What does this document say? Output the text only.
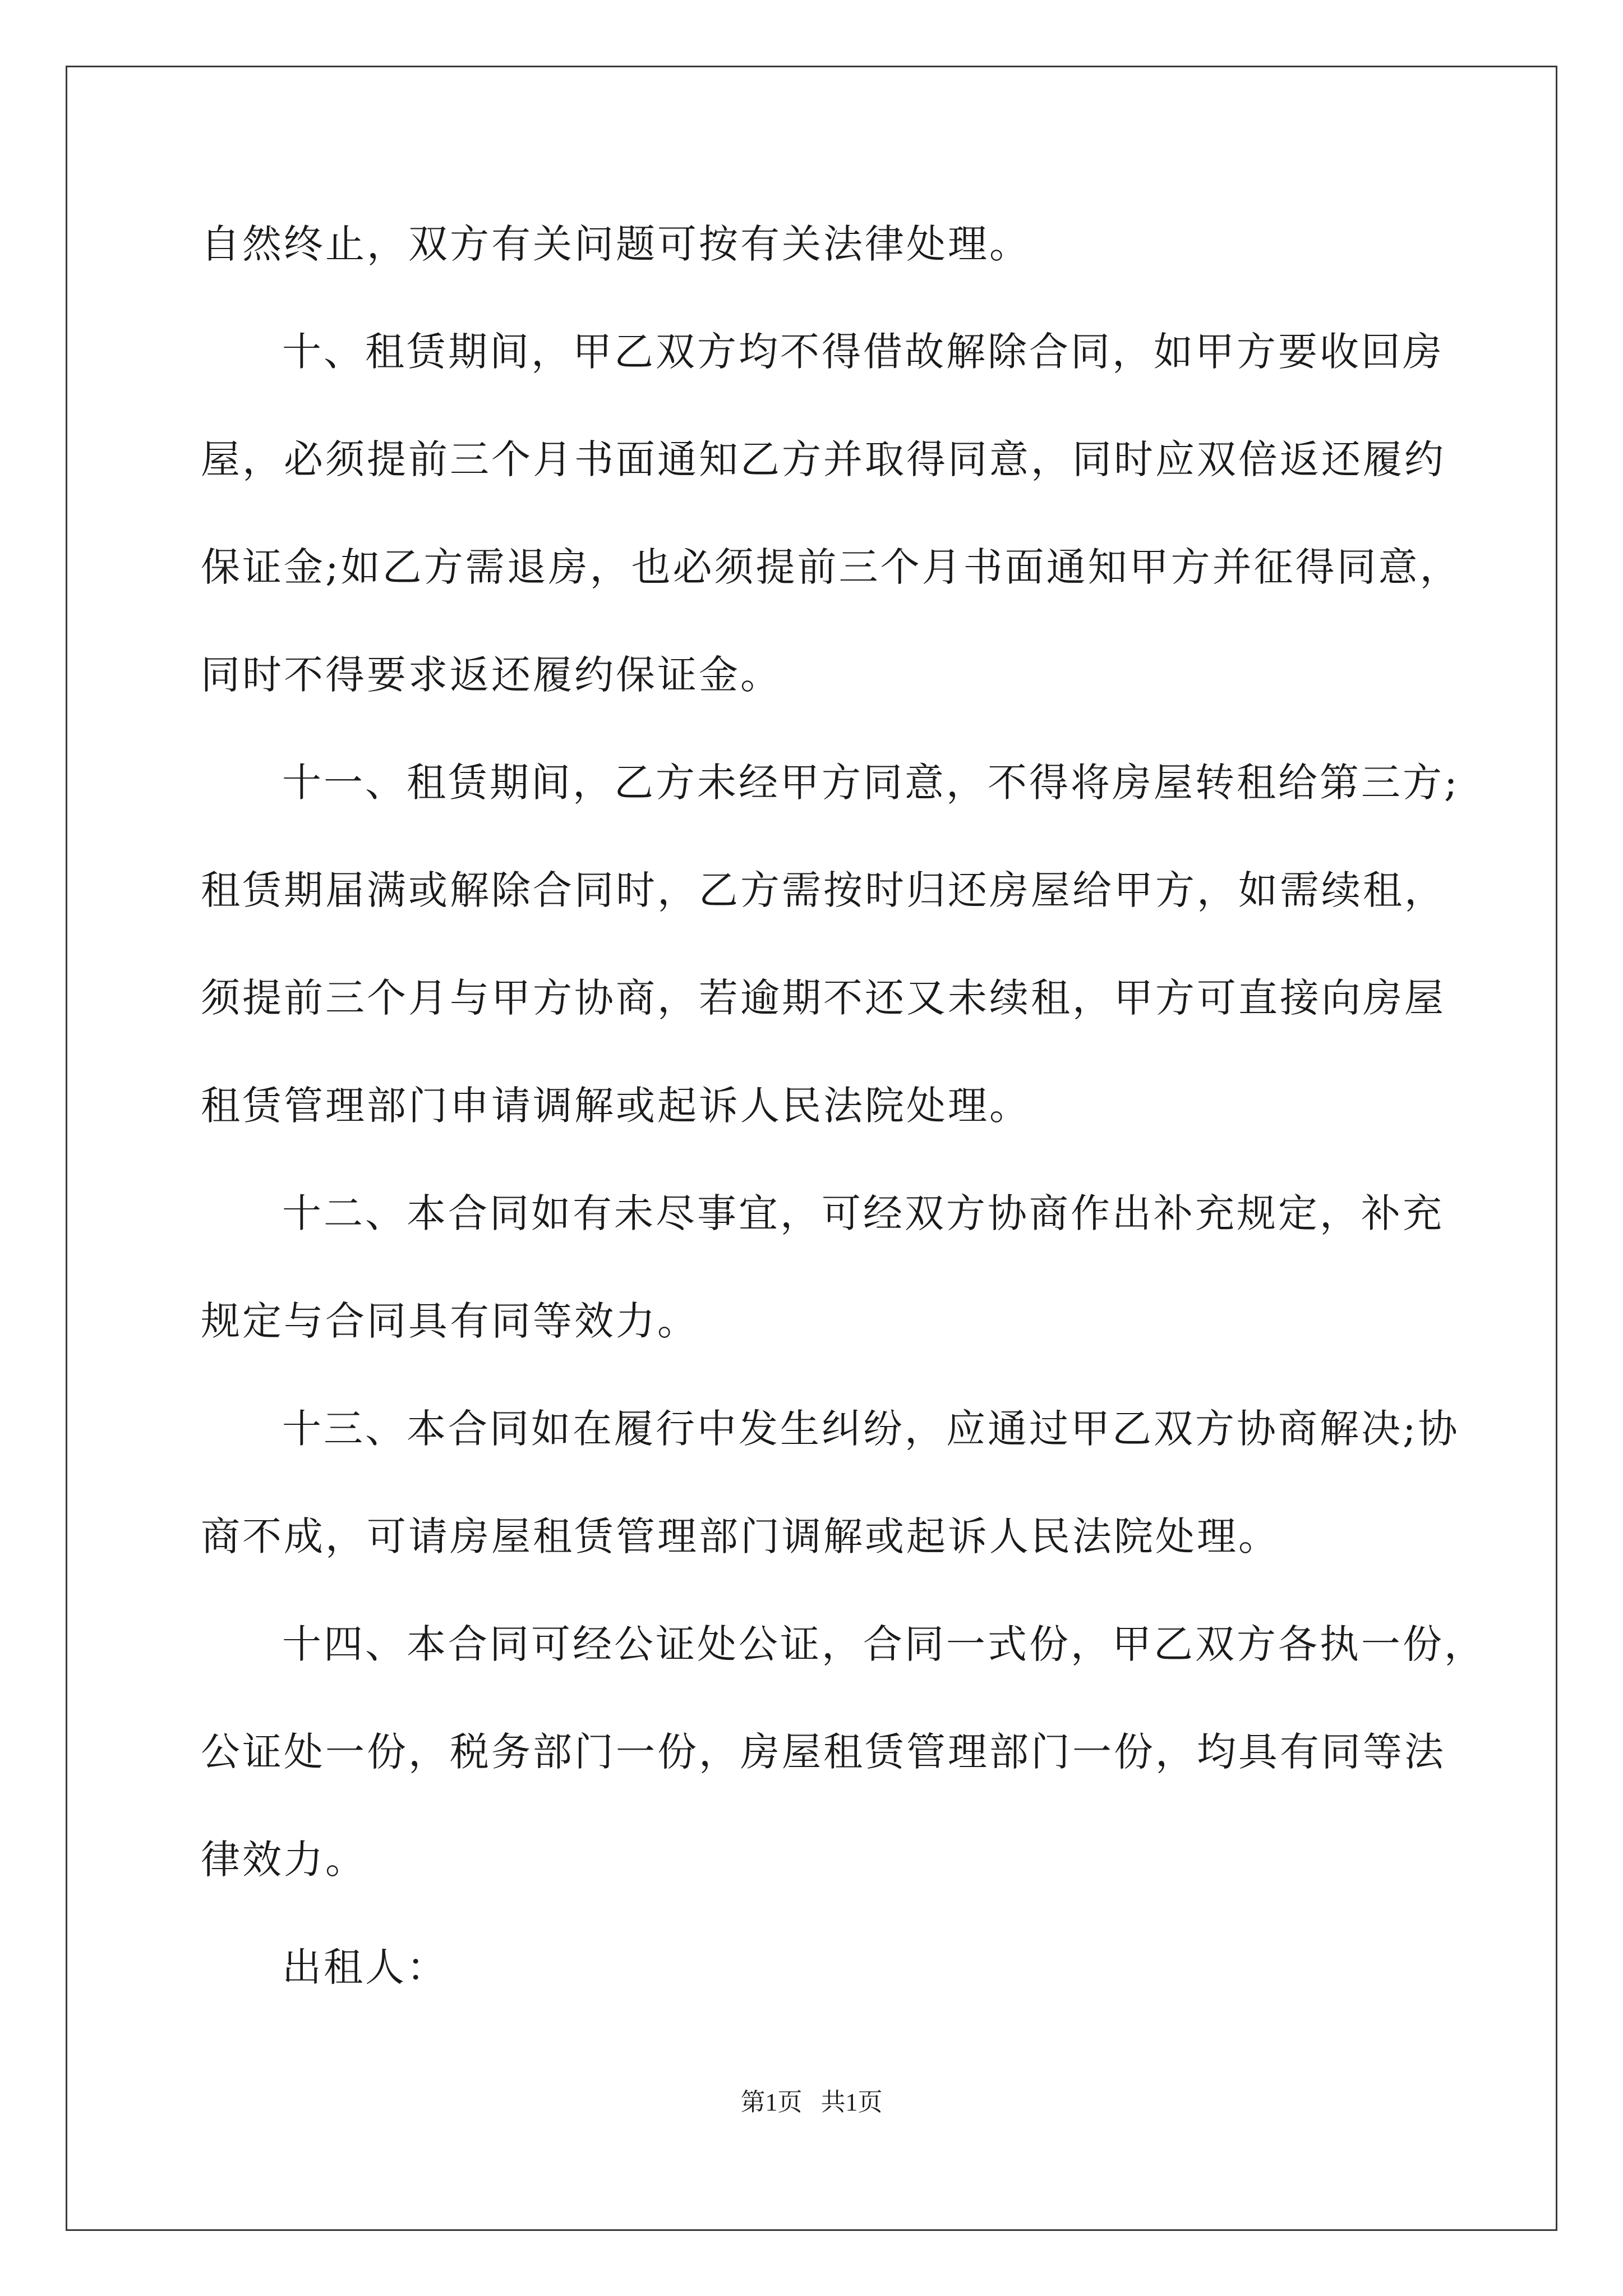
自然终止，双方有关问题可按有关法律处理。
十、租赁期间，甲乙双方均不得借故解除合同，如甲方要收回房
屋，必须提前三个月书面通知乙方并取得同意，同时应双倍返还履约
保证金;如乙方需退房，也必须提前三个月书面通知甲方并征得同意，
同时不得要求返还履约保证金。
十一、租赁期间，乙方未经甲方同意，不得将房屋转租给第三方;
租赁期届满或解除合同时，乙方需按时归还房屋给甲方，如需续租，
须提前三个月与甲方协商，若逾期不还又未续租，甲方可直接向房屋
租赁管理部门申请调解或起诉人民法院处理。
十二、本合同如有未尽事宜，可经双方协商作出补充规定，补充
规定与合同具有同等效力。
十三、本合同如在履行中发生纠纷，应通过甲乙双方协商解决;协
商不成，可请房屋租赁管理部门调解或起诉人民法院处理。
十四、本合同可经公证处公证，合同一式份，甲乙双方各执一份，
公证处一份，税务部门一份，房屋租赁管理部门一份，均具有同等法
律效力。
出租人：
第1页   共1页
